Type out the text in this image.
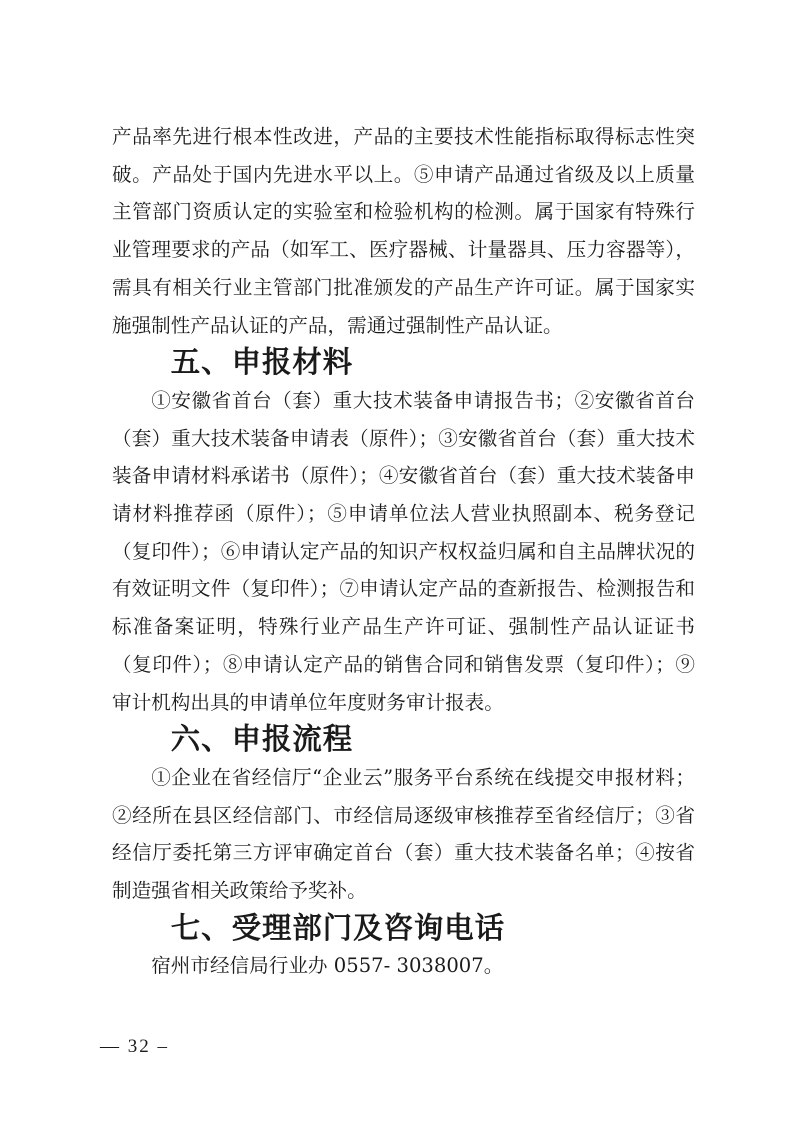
产品率先进行根本性改进，产品的主要技术性能指标取得标志性突破。产品处于国内先进水平以上。⑤申请产品通过省级及以上质量主管部门资质认定的实验室和检验机构的检测。属于国家有特殊行业管理要求的产品（如军工、医疗器械、计量器具、压力容器等），需具有相关行业主管部门批准颁发的产品生产许可证。属于国家实施强制性产品认证的产品，需通过强制性产品认证。

五、申报材料

①安徽省首台（套）重大技术装备申请报告书；②安徽省首台（套）重大技术装备申请表（原件）；③安徽省首台（套）重大技术装备申请材料承诺书（原件）；④安徽省首台（套）重大技术装备申请材料推荐函（原件）；⑤申请单位法人营业执照副本、税务登记（复印件）；⑥申请认定产品的知识产权权益归属和自主品牌状况的有效证明文件（复印件）；⑦申请认定产品的查新报告、检测报告和标准备案证明，特殊行业产品生产许可证、强制性产品认证证书（复印件）；⑧申请认定产品的销售合同和销售发票（复印件）；⑨审计机构出具的申请单位年度财务审计报表。

六、申报流程

①企业在省经信厅“企业云”服务平台系统在线提交申报材料；②经所在县区经信部门、市经信局逐级审核推荐至省经信厅；③省经信厅委托第三方评审确定首台（套）重大技术装备名单；④按省制造强省相关政策给予奖补。

七、受理部门及咨询电话

宿州市经信局行业办 0557- 3038007。

— 32 –
